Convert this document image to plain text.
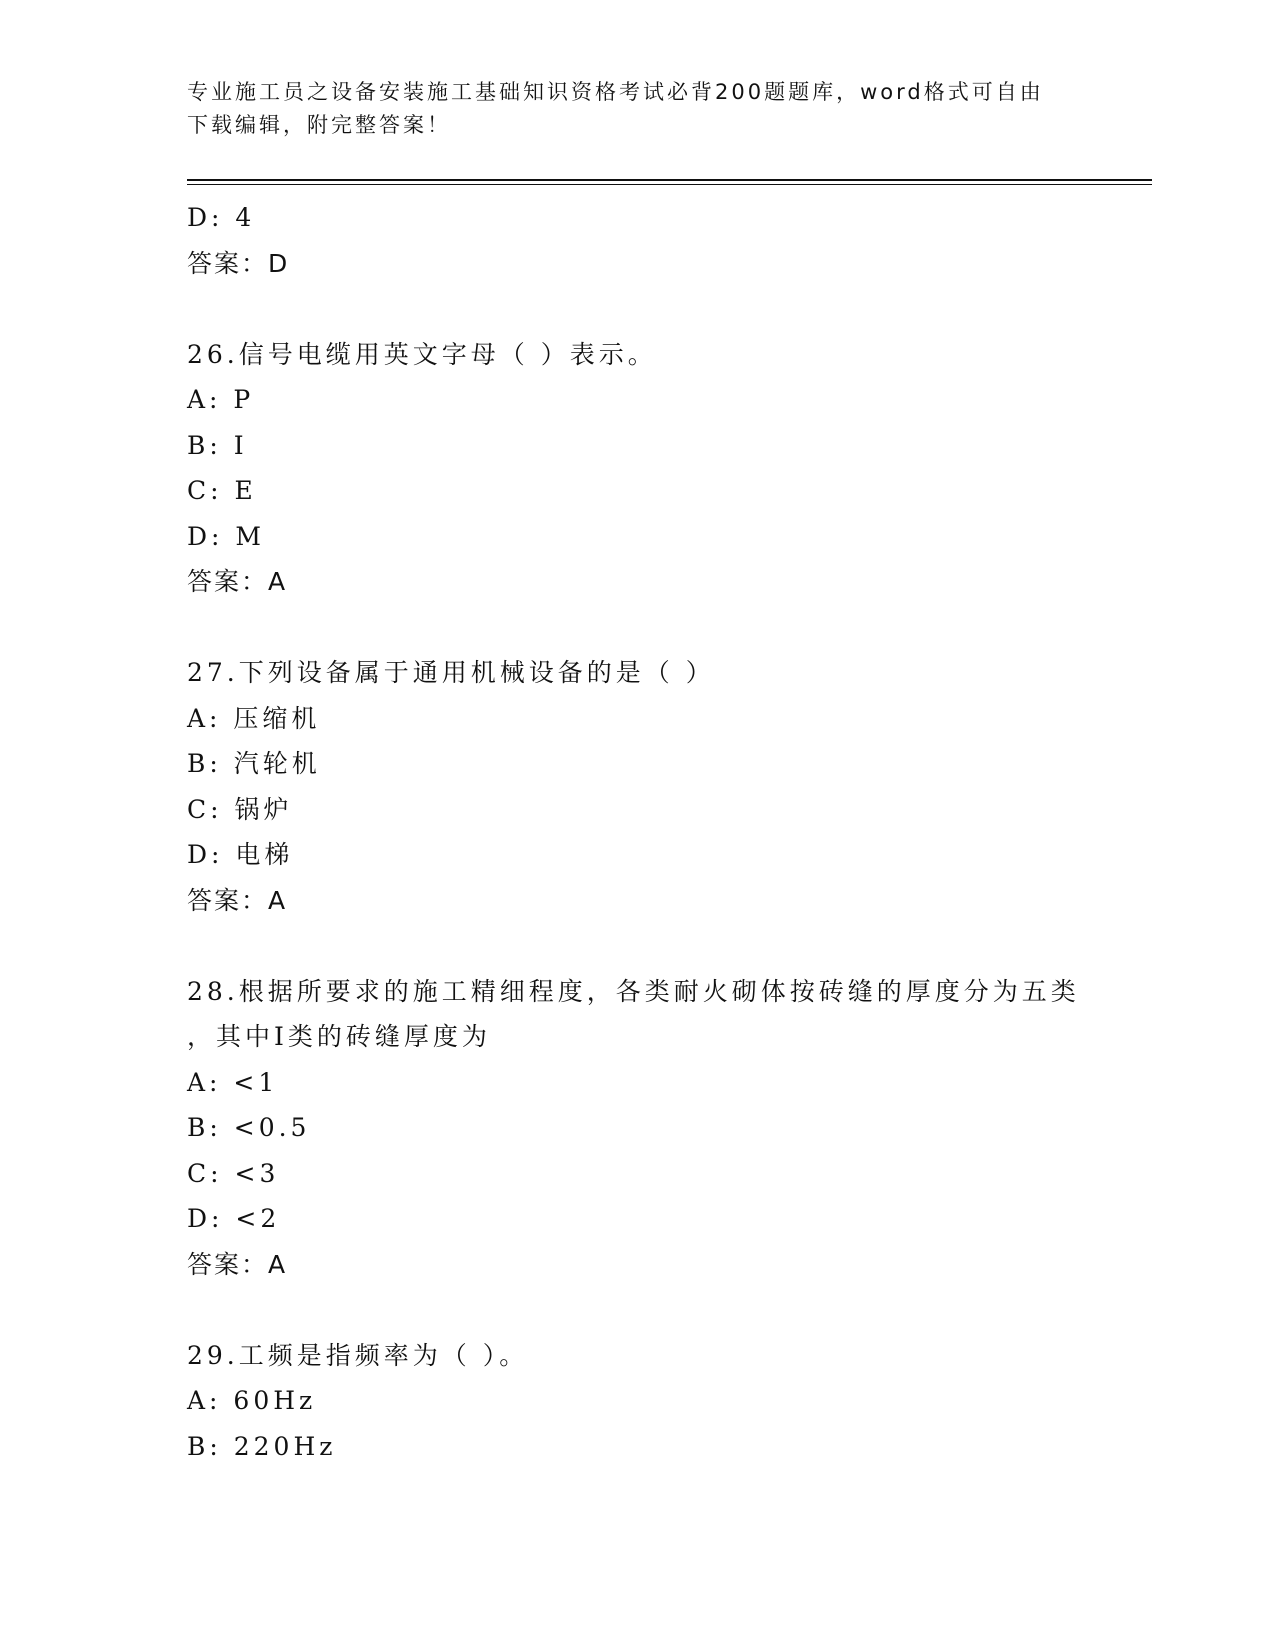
专业施工员之设备安装施工基础知识资格考试必背200题题库，word格式可自由
下载编辑，附完整答案！
D: 4
答案：D
26.信号电缆用英文字母（ ）表示。
A: P
B: I
C: E
D: M
答案：A
27.下列设备属于通用机械设备的是（ ）
A: 压缩机
B: 汽轮机
C: 锅炉
D: 电梯
答案：A
28.根据所要求的施工精细程度，各类耐火砌体按砖缝的厚度分为五类
，其中Ⅰ类的砖缝厚度为
A: <1
B: <0.5
C: <3
D: <2
答案：A
29.工频是指频率为（ ）。
A: 60Hz
B: 220Hz
